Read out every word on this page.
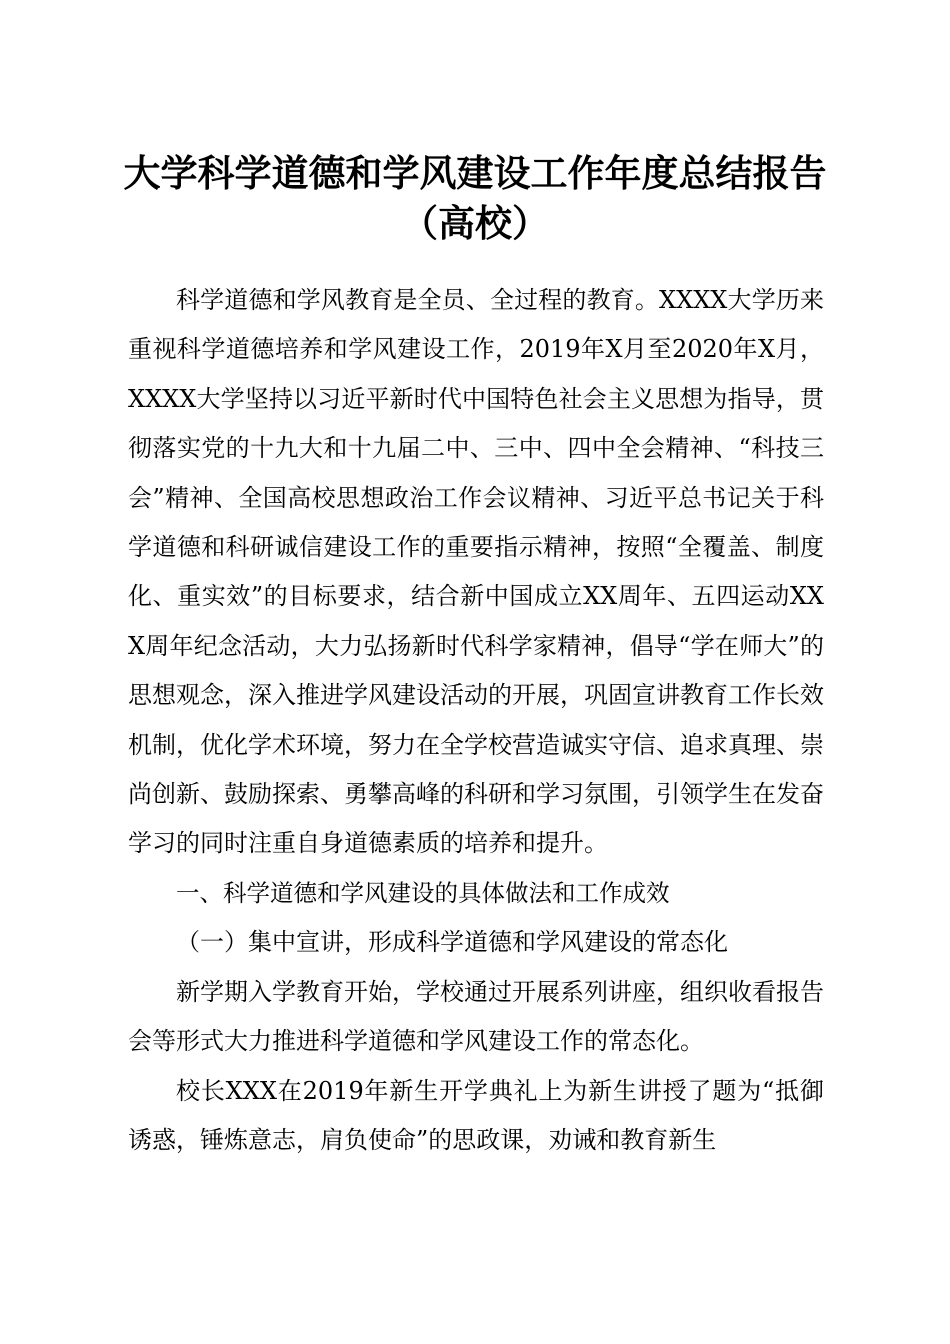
大学科学道德和学风建设工作年度总结报告
（高校）

科学道德和学风教育是全员、全过程的教育。XXXX大学历来重视科学道德培养和学风建设工作，2019年X月至2020年X月，XXXX大学坚持以习近平新时代中国特色社会主义思想为指导，贯彻落实党的十九大和十九届二中、三中、四中全会精神、“科技三会”精神、全国高校思想政治工作会议精神、习近平总书记关于科学道德和科研诚信建设工作的重要指示精神，按照“全覆盖、制度化、重实效”的目标要求，结合新中国成立XX周年、五四运动XXX周年纪念活动，大力弘扬新时代科学家精神，倡导“学在师大”的思想观念，深入推进学风建设活动的开展，巩固宣讲教育工作长效机制，优化学术环境，努力在全学校营造诚实守信、追求真理、崇尚创新、鼓励探索、勇攀高峰的科研和学习氛围，引领学生在发奋学习的同时注重自身道德素质的培养和提升。

一、科学道德和学风建设的具体做法和工作成效

（一）集中宣讲，形成科学道德和学风建设的常态化

新学期入学教育开始，学校通过开展系列讲座，组织收看报告会等形式大力推进科学道德和学风建设工作的常态化。

校长XXX在2019年新生开学典礼上为新生讲授了题为“抵御诱惑，锤炼意志，肩负使命”的思政课，劝诫和教育新生
